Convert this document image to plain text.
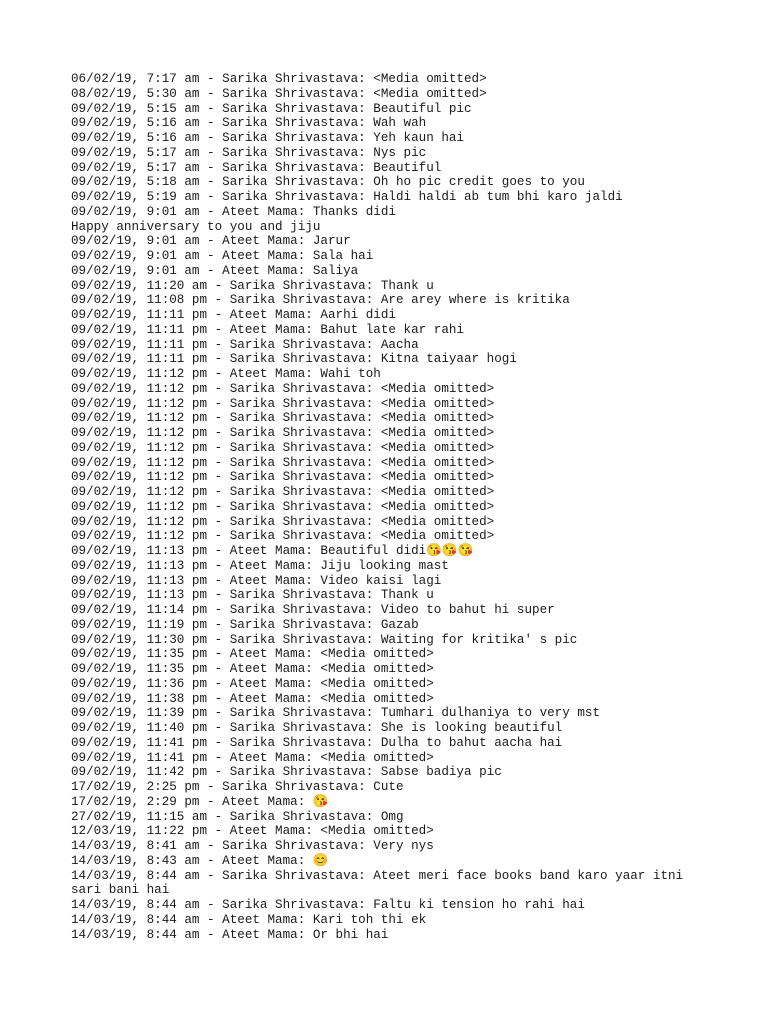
06/02/19, 7:17 am - Sarika Shrivastava: <Media omitted>
08/02/19, 5:30 am - Sarika Shrivastava: <Media omitted>
09/02/19, 5:15 am - Sarika Shrivastava: Beautiful pic
09/02/19, 5:16 am - Sarika Shrivastava: Wah wah
09/02/19, 5:16 am - Sarika Shrivastava: Yeh kaun hai
09/02/19, 5:17 am - Sarika Shrivastava: Nys pic
09/02/19, 5:17 am - Sarika Shrivastava: Beautiful
09/02/19, 5:18 am - Sarika Shrivastava: Oh ho pic credit goes to you
09/02/19, 5:19 am - Sarika Shrivastava: Haldi haldi ab tum bhi karo jaldi
09/02/19, 9:01 am - Ateet Mama: Thanks didi
Happy anniversary to you and jiju
09/02/19, 9:01 am - Ateet Mama: Jarur
09/02/19, 9:01 am - Ateet Mama: Sala hai
09/02/19, 9:01 am - Ateet Mama: Saliya
09/02/19, 11:20 am - Sarika Shrivastava: Thank u
09/02/19, 11:08 pm - Sarika Shrivastava: Are arey where is kritika
09/02/19, 11:11 pm - Ateet Mama: Aarhi didi
09/02/19, 11:11 pm - Ateet Mama: Bahut late kar rahi
09/02/19, 11:11 pm - Sarika Shrivastava: Aacha
09/02/19, 11:11 pm - Sarika Shrivastava: Kitna taiyaar hogi
09/02/19, 11:12 pm - Ateet Mama: Wahi toh
09/02/19, 11:12 pm - Sarika Shrivastava: <Media omitted>
09/02/19, 11:12 pm - Sarika Shrivastava: <Media omitted>
09/02/19, 11:12 pm - Sarika Shrivastava: <Media omitted>
09/02/19, 11:12 pm - Sarika Shrivastava: <Media omitted>
09/02/19, 11:12 pm - Sarika Shrivastava: <Media omitted>
09/02/19, 11:12 pm - Sarika Shrivastava: <Media omitted>
09/02/19, 11:12 pm - Sarika Shrivastava: <Media omitted>
09/02/19, 11:12 pm - Sarika Shrivastava: <Media omitted>
09/02/19, 11:12 pm - Sarika Shrivastava: <Media omitted>
09/02/19, 11:12 pm - Sarika Shrivastava: <Media omitted>
09/02/19, 11:12 pm - Sarika Shrivastava: <Media omitted>
09/02/19, 11:13 pm - Ateet Mama: Beautiful didi😘😘😘
09/02/19, 11:13 pm - Ateet Mama: Jiju looking mast
09/02/19, 11:13 pm - Ateet Mama: Video kaisi lagi
09/02/19, 11:13 pm - Sarika Shrivastava: Thank u
09/02/19, 11:14 pm - Sarika Shrivastava: Video to bahut hi super
09/02/19, 11:19 pm - Sarika Shrivastava: Gazab
09/02/19, 11:30 pm - Sarika Shrivastava: Waiting for kritika' s pic
09/02/19, 11:35 pm - Ateet Mama: <Media omitted>
09/02/19, 11:35 pm - Ateet Mama: <Media omitted>
09/02/19, 11:36 pm - Ateet Mama: <Media omitted>
09/02/19, 11:38 pm - Ateet Mama: <Media omitted>
09/02/19, 11:39 pm - Sarika Shrivastava: Tumhari dulhaniya to very mst
09/02/19, 11:40 pm - Sarika Shrivastava: She is looking beautiful
09/02/19, 11:41 pm - Sarika Shrivastava: Dulha to bahut aacha hai
09/02/19, 11:41 pm - Ateet Mama: <Media omitted>
09/02/19, 11:42 pm - Sarika Shrivastava: Sabse badiya pic
17/02/19, 2:25 pm - Sarika Shrivastava: Cute
17/02/19, 2:29 pm - Ateet Mama: 😘
27/02/19, 11:15 am - Sarika Shrivastava: Omg
12/03/19, 11:22 pm - Ateet Mama: <Media omitted>
14/03/19, 8:41 am - Sarika Shrivastava: Very nys
14/03/19, 8:43 am - Ateet Mama: 😊
14/03/19, 8:44 am - Sarika Shrivastava: Ateet meri face books band karo yaar itni
sari bani hai
14/03/19, 8:44 am - Sarika Shrivastava: Faltu ki tension ho rahi hai
14/03/19, 8:44 am - Ateet Mama: Kari toh thi ek
14/03/19, 8:44 am - Ateet Mama: Or bhi hai
